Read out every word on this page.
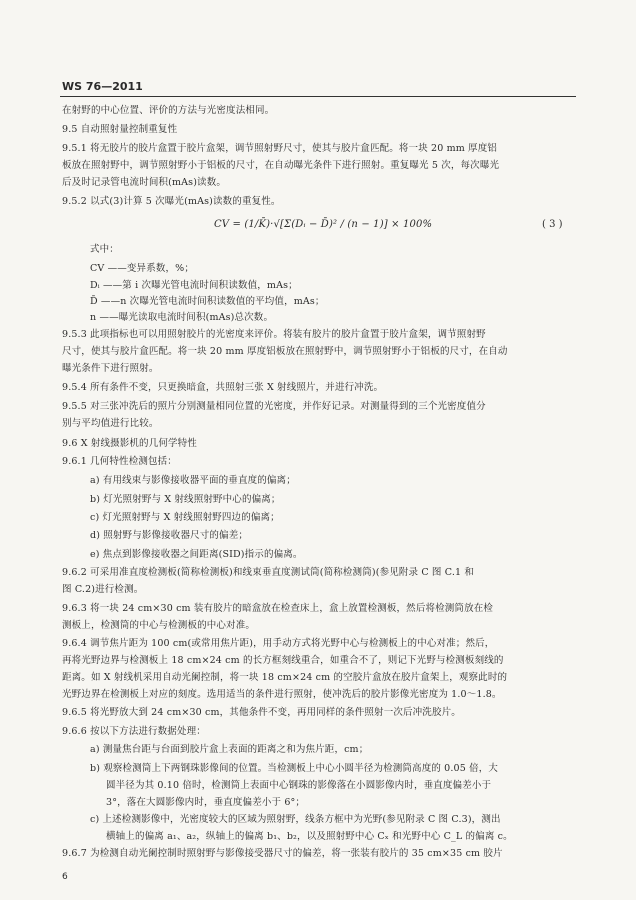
WS 76—2011
在射野的中心位置、评价的方法与光密度法相同。
9.5 自动照射量控制重复性
9.5.1 将无胶片的胶片盒置于胶片盒架，调节照射野尺寸，使其与胶片盒匹配。将一块 20 mm 厚度铝
板放在照射野中，调节照射野小于铝板的尺寸，在自动曝光条件下进行照射。重复曝光 5 次，每次曝光
后及时记录管电流时间积(mAs)读数。
9.5.2 以式(3)计算 5 次曝光(mAs)读数的重复性。
CV = (1/K̄)·√[Σ(Dᵢ − D̄)² / (n − 1)] × 100%	( 3 )
式中：
CV ——变异系数，%；
Dᵢ ——第 i 次曝光管电流时间积读数值，mAs；
D̄ ——n 次曝光管电流时间积读数值的平均值，mAs；
n ——曝光读取电流时间积(mAs)总次数。
9.5.3 此项指标也可以用照射胶片的光密度来评价。将装有胶片的胶片盒置于胶片盒架，调节照射野
尺寸，使其与胶片盒匹配。将一块 20 mm 厚度铝板放在照射野中，调节照射野小于铝板的尺寸，在自动
曝光条件下进行照射。
9.5.4 所有条件不变，只更换暗盒，共照射三张 X 射线照片，并进行冲洗。
9.5.5 对三张冲洗后的照片分别测量相同位置的光密度，并作好记录。对测量得到的三个光密度值分
别与平均值进行比较。
9.6 X 射线摄影机的几何学特性
9.6.1 几何特性检测包括：
a) 有用线束与影像接收器平面的垂直度的偏离；
b) 灯光照射野与 X 射线照射野中心的偏离；
c) 灯光照射野与 X 射线照射野四边的偏离；
d) 照射野与影像接收器尺寸的偏差；
e) 焦点到影像接收器之间距离(SID)指示的偏离。
9.6.2 可采用准直度检测板(简称检测板)和线束垂直度测试筒(简称检测筒)(参见附录 C 图 C.1 和
图 C.2)进行检测。
9.6.3 将一块 24 cm×30 cm 装有胶片的暗盒放在检查床上，盒上放置检测板，然后将检测筒放在检
测板上，检测筒的中心与检测板的中心对准。
9.6.4 调节焦片距为 100 cm(或常用焦片距)，用手动方式将光野中心与检测板上的中心对准；然后，
再将光野边界与检测板上 18 cm×24 cm 的长方框刻线重合，如重合不了，则记下光野与检测板刻线的
距离。如 X 射线机采用自动光阑控制，将一块 18 cm×24 cm 的空胶片盒放在胶片盒架上，观察此时的
光野边界在检测板上对应的刻度。选用适当的条件进行照射，使冲洗后的胶片影像光密度为 1.0～1.8。
9.6.5 将光野放大到 24 cm×30 cm，其他条件不变，再用同样的条件照射一次后冲洗胶片。
9.6.6 按以下方法进行数据处理：
a) 测量焦台距与台面到胶片盒上表面的距离之和为焦片距，cm；
b) 观察检测筒上下两钢珠影像间的位置。当检测板上中心小圆半径为检测筒高度的 0.05 倍，大
圆半径为其 0.10 倍时，检测筒上表面中心钢珠的影像落在小圆影像内时，垂直度偏差小于
3°，落在大圆影像内时，垂直度偏差小于 6°；
c) 上述检测影像中，光密度较大的区域为照射野，线条方框中为光野(参见附录 C 图 C.3)，测出
横轴上的偏离 a₁、a₂，纵轴上的偏离 b₁、b₂，以及照射野中心 Cₓ 和光野中心 C_L 的偏离 c。
9.6.7 为检测自动光阑控制时照射野与影像接受器尺寸的偏差，将一张装有胶片的 35 cm×35 cm 胶片
6
